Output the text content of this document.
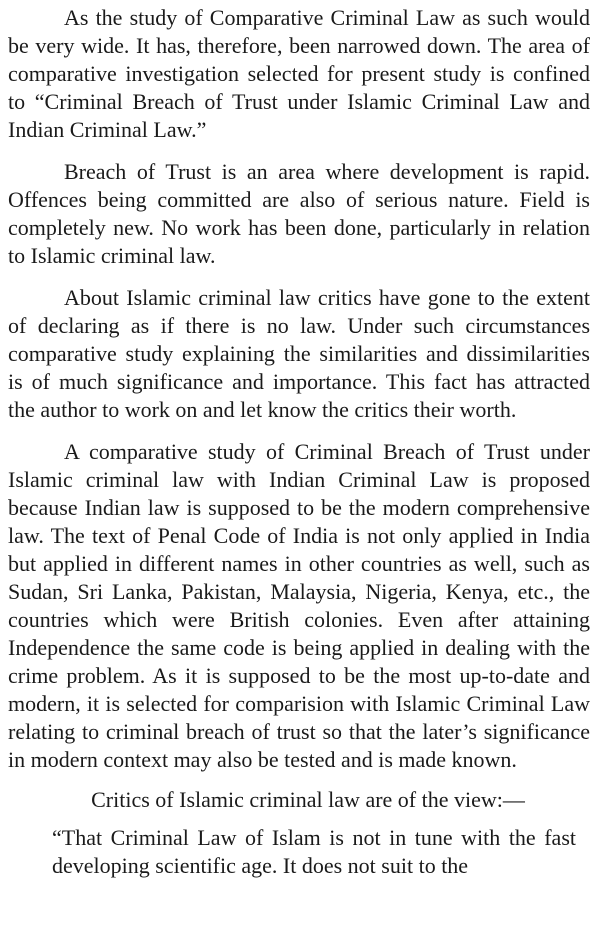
As the study of Comparative Criminal Law as such would be very wide. It has, therefore, been narrowed down. The area of comparative investigation selected for present study is confined to “Criminal Breach of Trust under Islamic Criminal Law and Indian Criminal Law.”

Breach of Trust is an area where development is rapid. Offences being committed are also of serious nature. Field is completely new. No work has been done, particularly in relation to Islamic criminal law.

About Islamic criminal law critics have gone to the extent of declaring as if there is no law. Under such circumstances comparative study explaining the similarities and dissimilarities is of much significance and importance. This fact has attracted the author to work on and let know the critics their worth.

A comparative study of Criminal Breach of Trust under Islamic criminal law with Indian Criminal Law is proposed because Indian law is supposed to be the modern comprehensive law. The text of Penal Code of India is not only applied in India but applied in different names in other countries as well, such as Sudan, Sri Lanka, Pakistan, Malaysia, Nigeria, Kenya, etc., the countries which were British colonies. Even after attaining Independence the same code is being applied in dealing with the crime problem. As it is supposed to be the most up-to-date and modern, it is selected for comparision with Islamic Criminal Law relating to criminal breach of trust so that the later’s significance in modern context may also be tested and is made known.

Critics of Islamic criminal law are of the view:—

“That Criminal Law of Islam is not in tune with the fast developing scientific age. It does not suit to the
